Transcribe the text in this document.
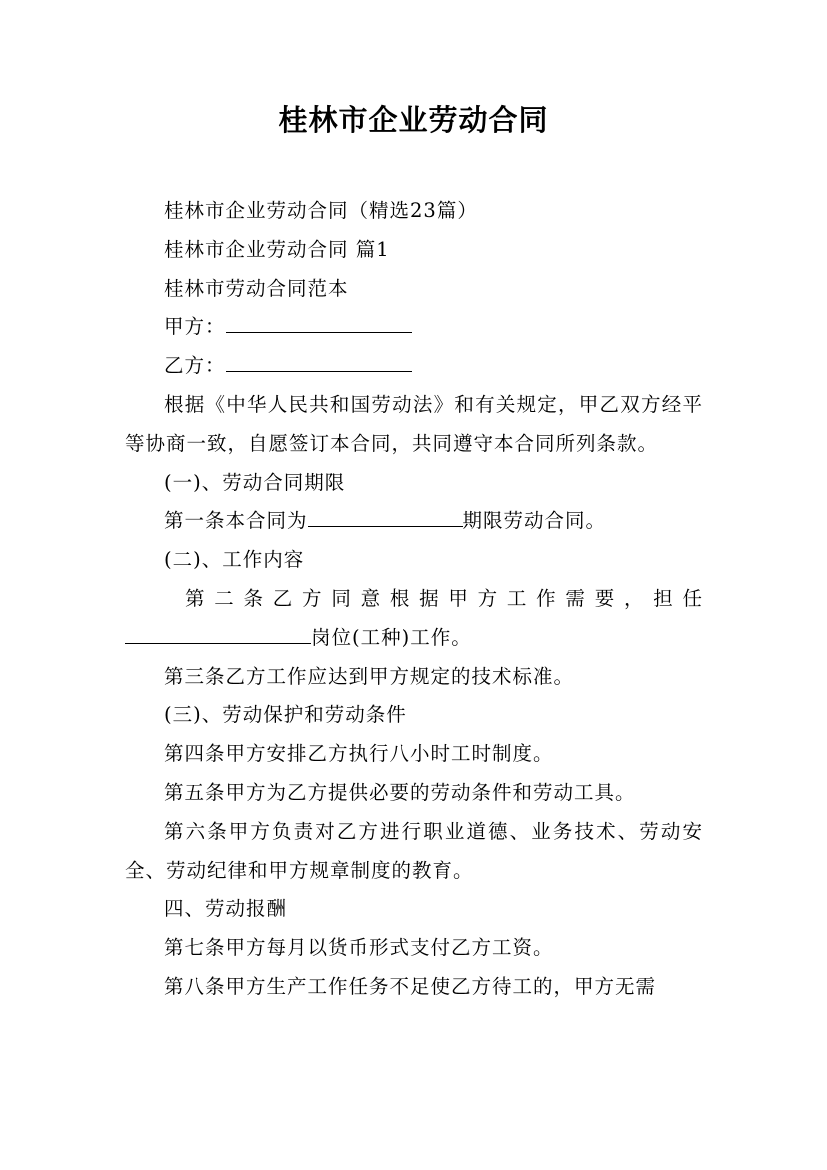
桂林市企业劳动合同

桂林市企业劳动合同（精选23篇）

桂林市企业劳动合同 篇1

桂林市劳动合同范本

甲方：

乙方：

根据《中华人民共和国劳动法》和有关规定，甲乙双方经平等协商一致，自愿签订本合同，共同遵守本合同所列条款。

(一)、劳动合同期限

第一条本合同为	期限劳动合同。

(二)、工作内容

第二条乙方同意根据甲方工作需要，担任

岗位(工种)工作。

第三条乙方工作应达到甲方规定的技术标准。

(三)、劳动保护和劳动条件

第四条甲方安排乙方执行八小时工时制度。

第五条甲方为乙方提供必要的劳动条件和劳动工具。

第六条甲方负责对乙方进行职业道德、业务技术、劳动安全、劳动纪律和甲方规章制度的教育。

四、劳动报酬

第七条甲方每月以货币形式支付乙方工资。

第八条甲方生产工作任务不足使乙方待工的，甲方无需
